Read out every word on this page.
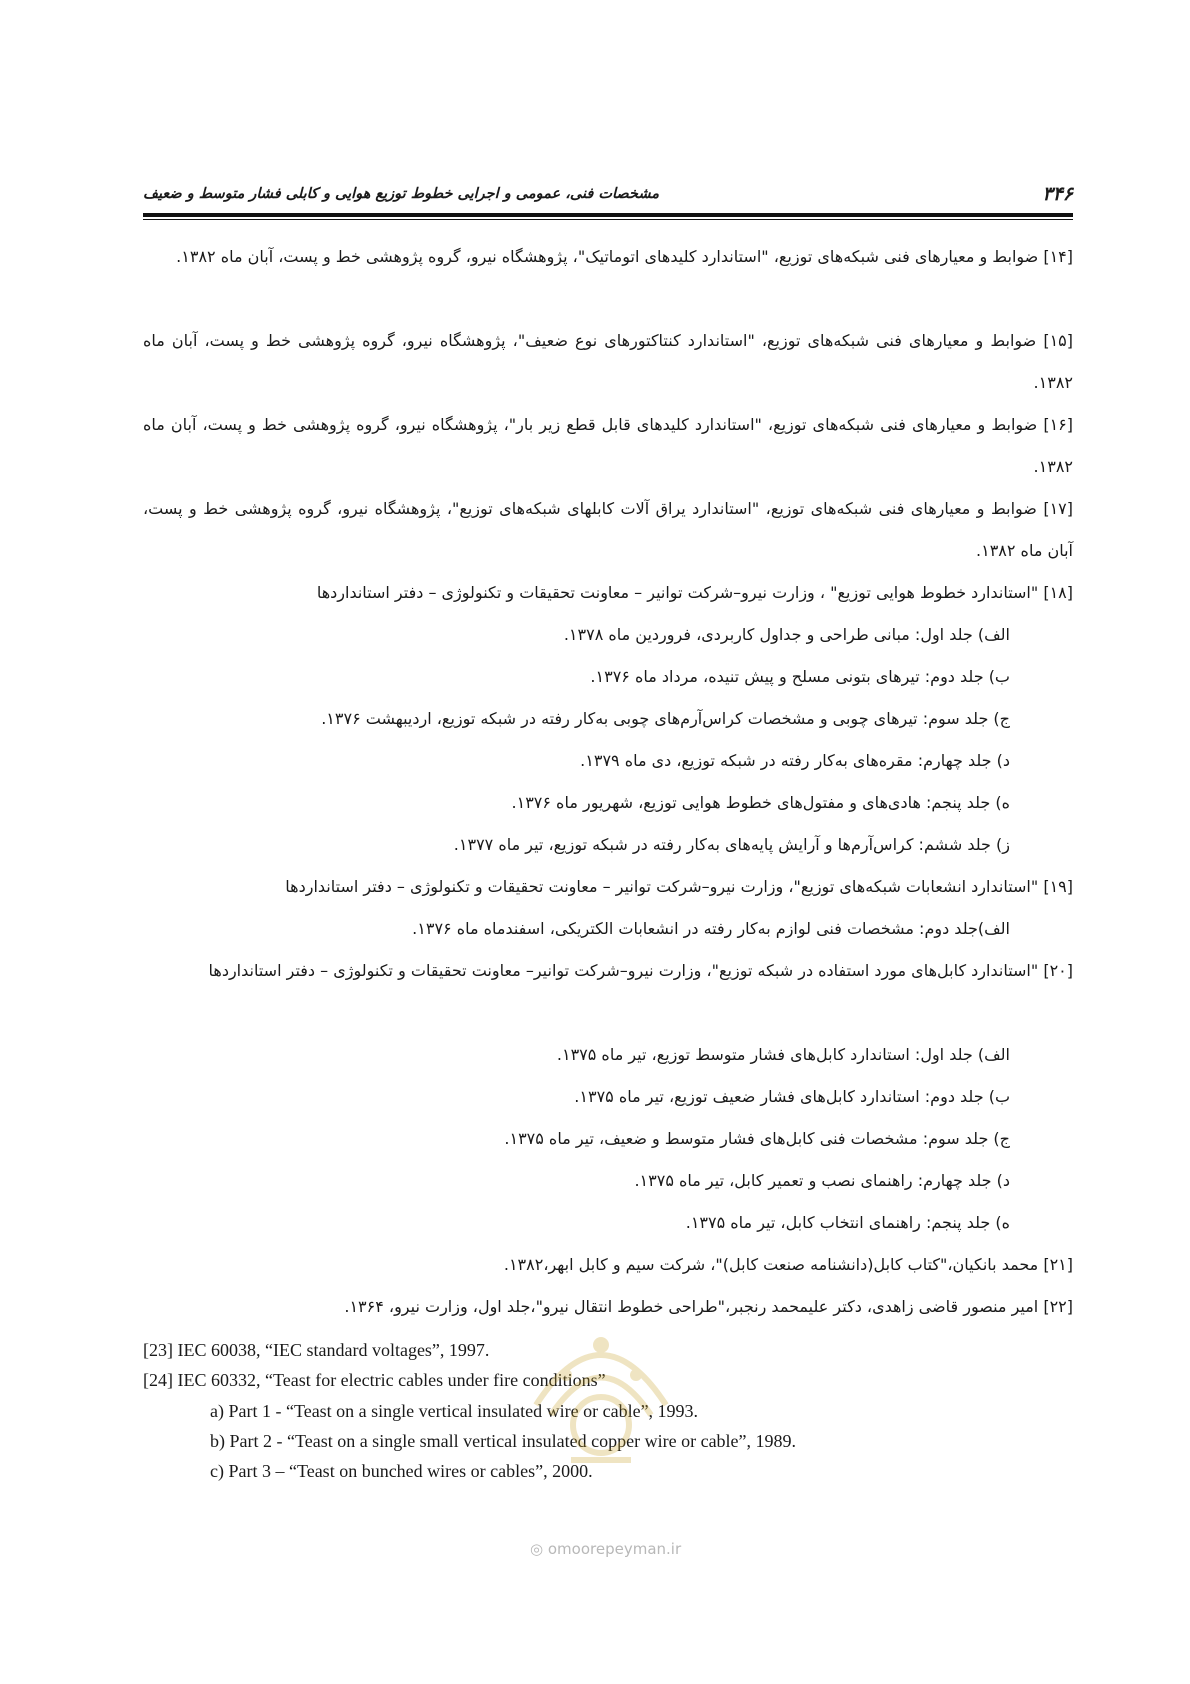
۳۴۶
مشخصات فنی، عمومی و اجرایی خطوط توزیع هوایی و کابلی فشار متوسط و ضعیف
[۱۴] ضوابط و معیارهای فنی شبکه‌های توزیع، "استاندارد کلیدهای اتوماتیک"، پژوهشگاه نیرو، گروه پژوهشی خط و پست، آبان ماه ۱۳۸۲.
[۱۵] ضوابط و معیارهای فنی شبکه‌های توزیع، "استاندارد کنتاکتورهای نوع ضعیف"، پژوهشگاه نیرو، گروه پژوهشی خط و پست، آبان ماه ۱۳۸۲.
[۱۶] ضوابط و معیارهای فنی شبکه‌های توزیع، "استاندارد کلیدهای قابل قطع زیر بار"، پژوهشگاه نیرو، گروه پژوهشی خط و پست، آبان ماه ۱۳۸۲.
[۱۷] ضوابط و معیارهای فنی شبکه‌های توزیع، "استاندارد یراق آلات کابلهای شبکه‌های توزیع"، پژوهشگاه نیرو، گروه پژوهشی خط و پست، آبان ماه ۱۳۸۲.
[۱۸] "استاندارد خطوط هوایی توزیع" ، وزارت نیرو–شرکت توانیر – معاونت تحقیقات و تکنولوژی – دفتر استانداردها
الف) جلد اول: مبانی طراحی و جداول کاربردی، فروردین ماه ۱۳۷۸.
ب) جلد دوم: تیرهای بتونی مسلح و پیش تنیده، مرداد ماه ۱۳۷۶.
ج) جلد سوم: تیرهای چوبی و مشخصات کراس‌آرم‌های چوبی به‌کار رفته در شبکه توزیع، اردیبهشت ۱۳۷۶.
د) جلد چهارم: مقره‌های به‌کار رفته در شبکه توزیع، دی ماه ۱۳۷۹.
ه) جلد پنجم: هادی‌های و مفتول‌های خطوط هوایی توزیع، شهریور ماه ۱۳۷۶.
ز) جلد ششم: کراس‌آرم‌ها و آرایش پایه‌های به‌کار رفته در شبکه توزیع، تیر ماه ۱۳۷۷.
[۱۹] "استاندارد انشعابات شبکه‌های توزیع"، وزارت نیرو–شرکت توانیر – معاونت تحقیقات و تکنولوژی – دفتر استانداردها
الف)جلد دوم: مشخصات فنی لوازم به‌کار رفته در انشعابات الکتریکی، اسفندماه ماه ۱۳۷۶.
[۲۰] "استاندارد کابل‌های مورد استفاده در شبکه توزیع"، وزارت نیرو–شرکت توانیر– معاونت تحقیقات و تکنولوژی – دفتر استانداردها
الف) جلد اول: استاندارد کابل‌های فشار متوسط توزیع، تیر ماه ۱۳۷۵.
ب) جلد دوم: استاندارد کابل‌های فشار ضعیف توزیع، تیر ماه ۱۳۷۵.
ج) جلد سوم: مشخصات فنی کابل‌های فشار متوسط و ضعیف، تیر ماه ۱۳۷۵.
د) جلد چهارم: راهنمای نصب و تعمیر کابل، تیر ماه ۱۳۷۵.
ه) جلد پنجم: راهنمای انتخاب کابل، تیر ماه ۱۳۷۵.
[۲۱] محمد بانکیان،"کتاب کابل(دانشنامه صنعت کابل)"، شرکت سیم و کابل ابهر،۱۳۸۲.
[۲۲] امیر منصور قاضی زاهدی، دکتر علیمحمد رنجبر،"طراحی خطوط انتقال نیرو"،جلد اول، وزارت نیرو، ۱۳۶۴.
[23] IEC 60038, “IEC standard voltages”, 1997.
[24] IEC 60332, “Teast for electric cables under fire conditions”
a) Part 1 - “Teast on a single vertical insulated wire or cable”, 1993.
b) Part 2 - “Teast on a single small vertical insulated copper wire or cable”, 1989.
c) Part 3 – “Teast on bunched wires or cables”, 2000.
◎ omoorepeyman.ir
